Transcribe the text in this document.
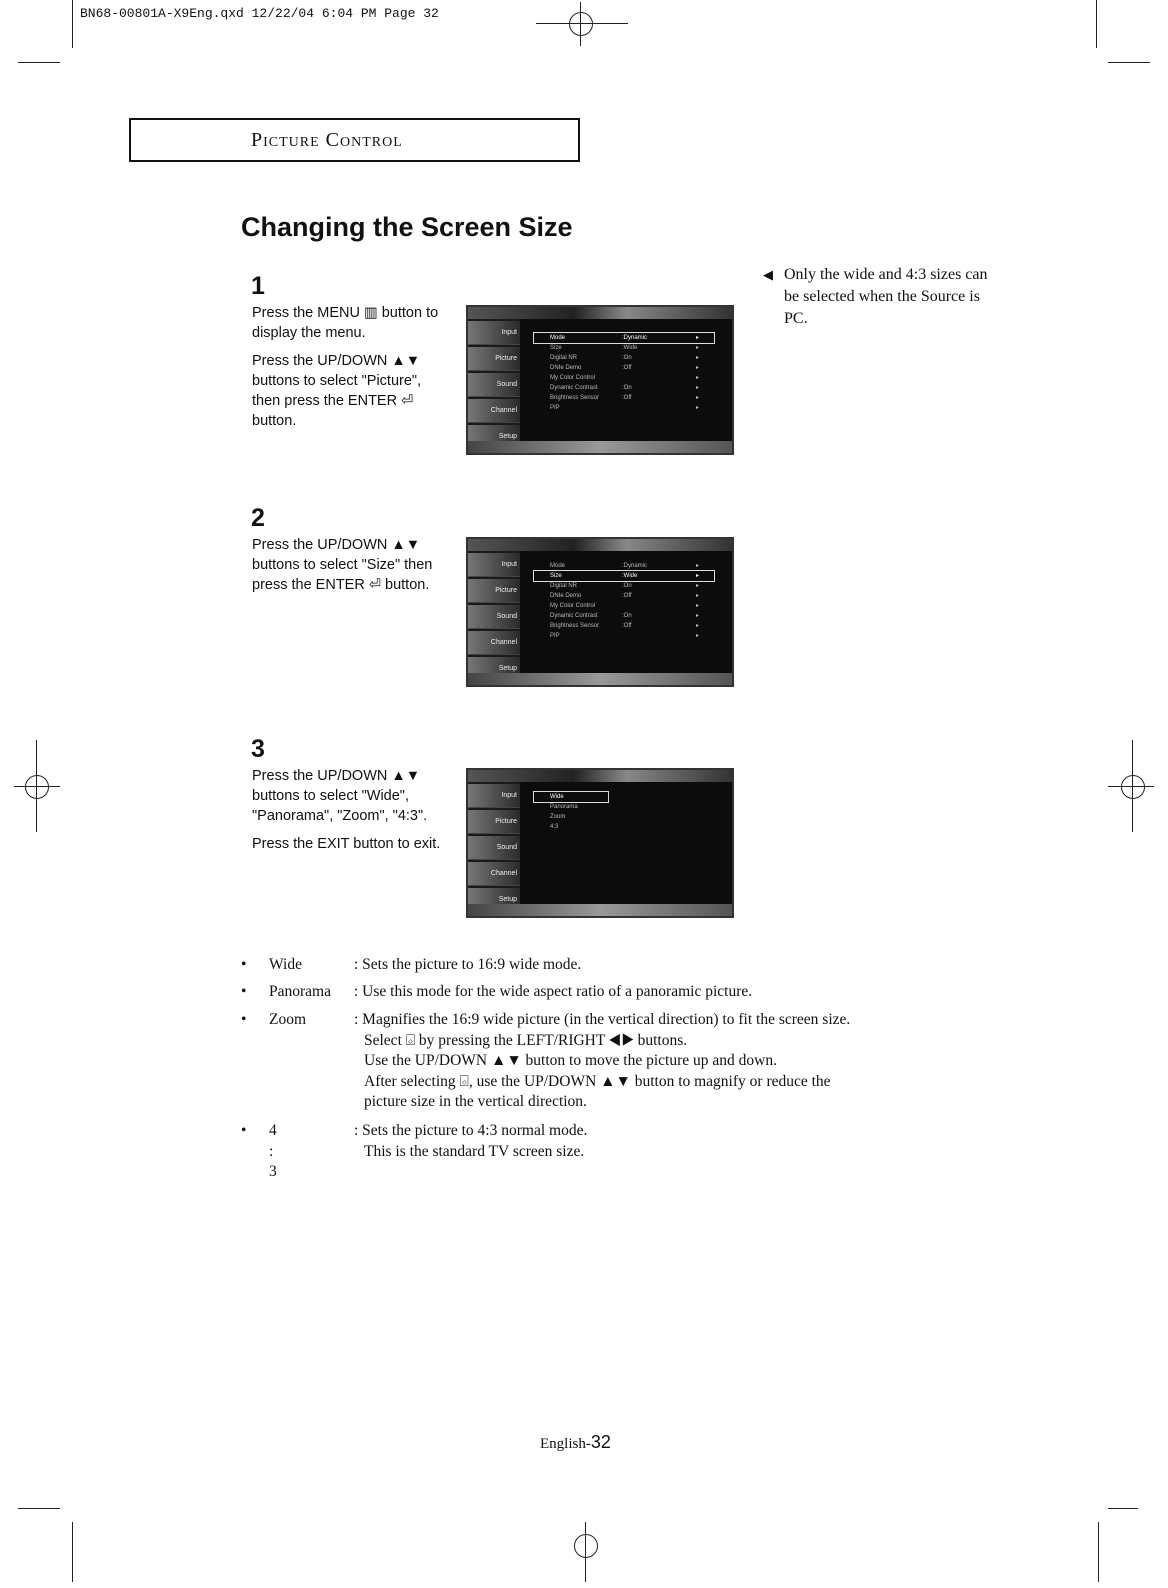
BN68-00801A-X9Eng.qxd 12/22/04 6:04 PM Page 32
Picture Control
Changing the Screen Size
1

Press the MENU ▥ button to display the menu.

Press the UP/DOWN ▲▼ buttons to select "Picture", then press the ENTER ⏎ button.

2

Press the UP/DOWN ▲▼ buttons to select "Size" then press the ENTER ⏎ button.

3

Press the UP/DOWN ▲▼ buttons to select "Wide", "Panorama", "Zoom", "4:3".

Press the EXIT button to exit.

◀ Only the wide and 4:3 sizes can be selected when the Source is PC.
Input
Picture
Sound
Channel
Setup
Mode	:Dynamic	▸
Size	:Wide	▸
Digital NR	:On	▸
DNIe Demo	:Off	▸
My Color Control	▸
Dynamic Contrast	:On	▸
Brightness Sensor	:Off	▸
PIP	▸
Input
Picture
Sound
Channel
Setup
Mode	:Dynamic	▸
Size	:Wide	▸
Digital NR	:On	▸
DNIe Demo	:Off	▸
My Color Control	▸
Dynamic Contrast	:On	▸
Brightness Sensor	:Off	▸
PIP	▸
Input
Picture
Sound
Channel
Setup
Wide
Panorama
Zoom
4:3
• Wide	: Sets the picture to 16:9 wide mode.
• Panorama : Use this mode for the wide aspect ratio of a panoramic picture.
• Zoom	: Magnifies the 16:9 wide picture (in the vertical direction) to fit the screen size.
Select ⌺ by pressing the LEFT/RIGHT ◀▶ buttons.
Use the UP/DOWN ▲▼ button to move the picture up and down.
After selecting ⌺, use the UP/DOWN ▲▼ button to magnify or reduce the
picture size in the vertical direction.
• 4 : 3
: Sets the picture to 4:3 normal mode.
This is the standard TV screen size.
English-32
